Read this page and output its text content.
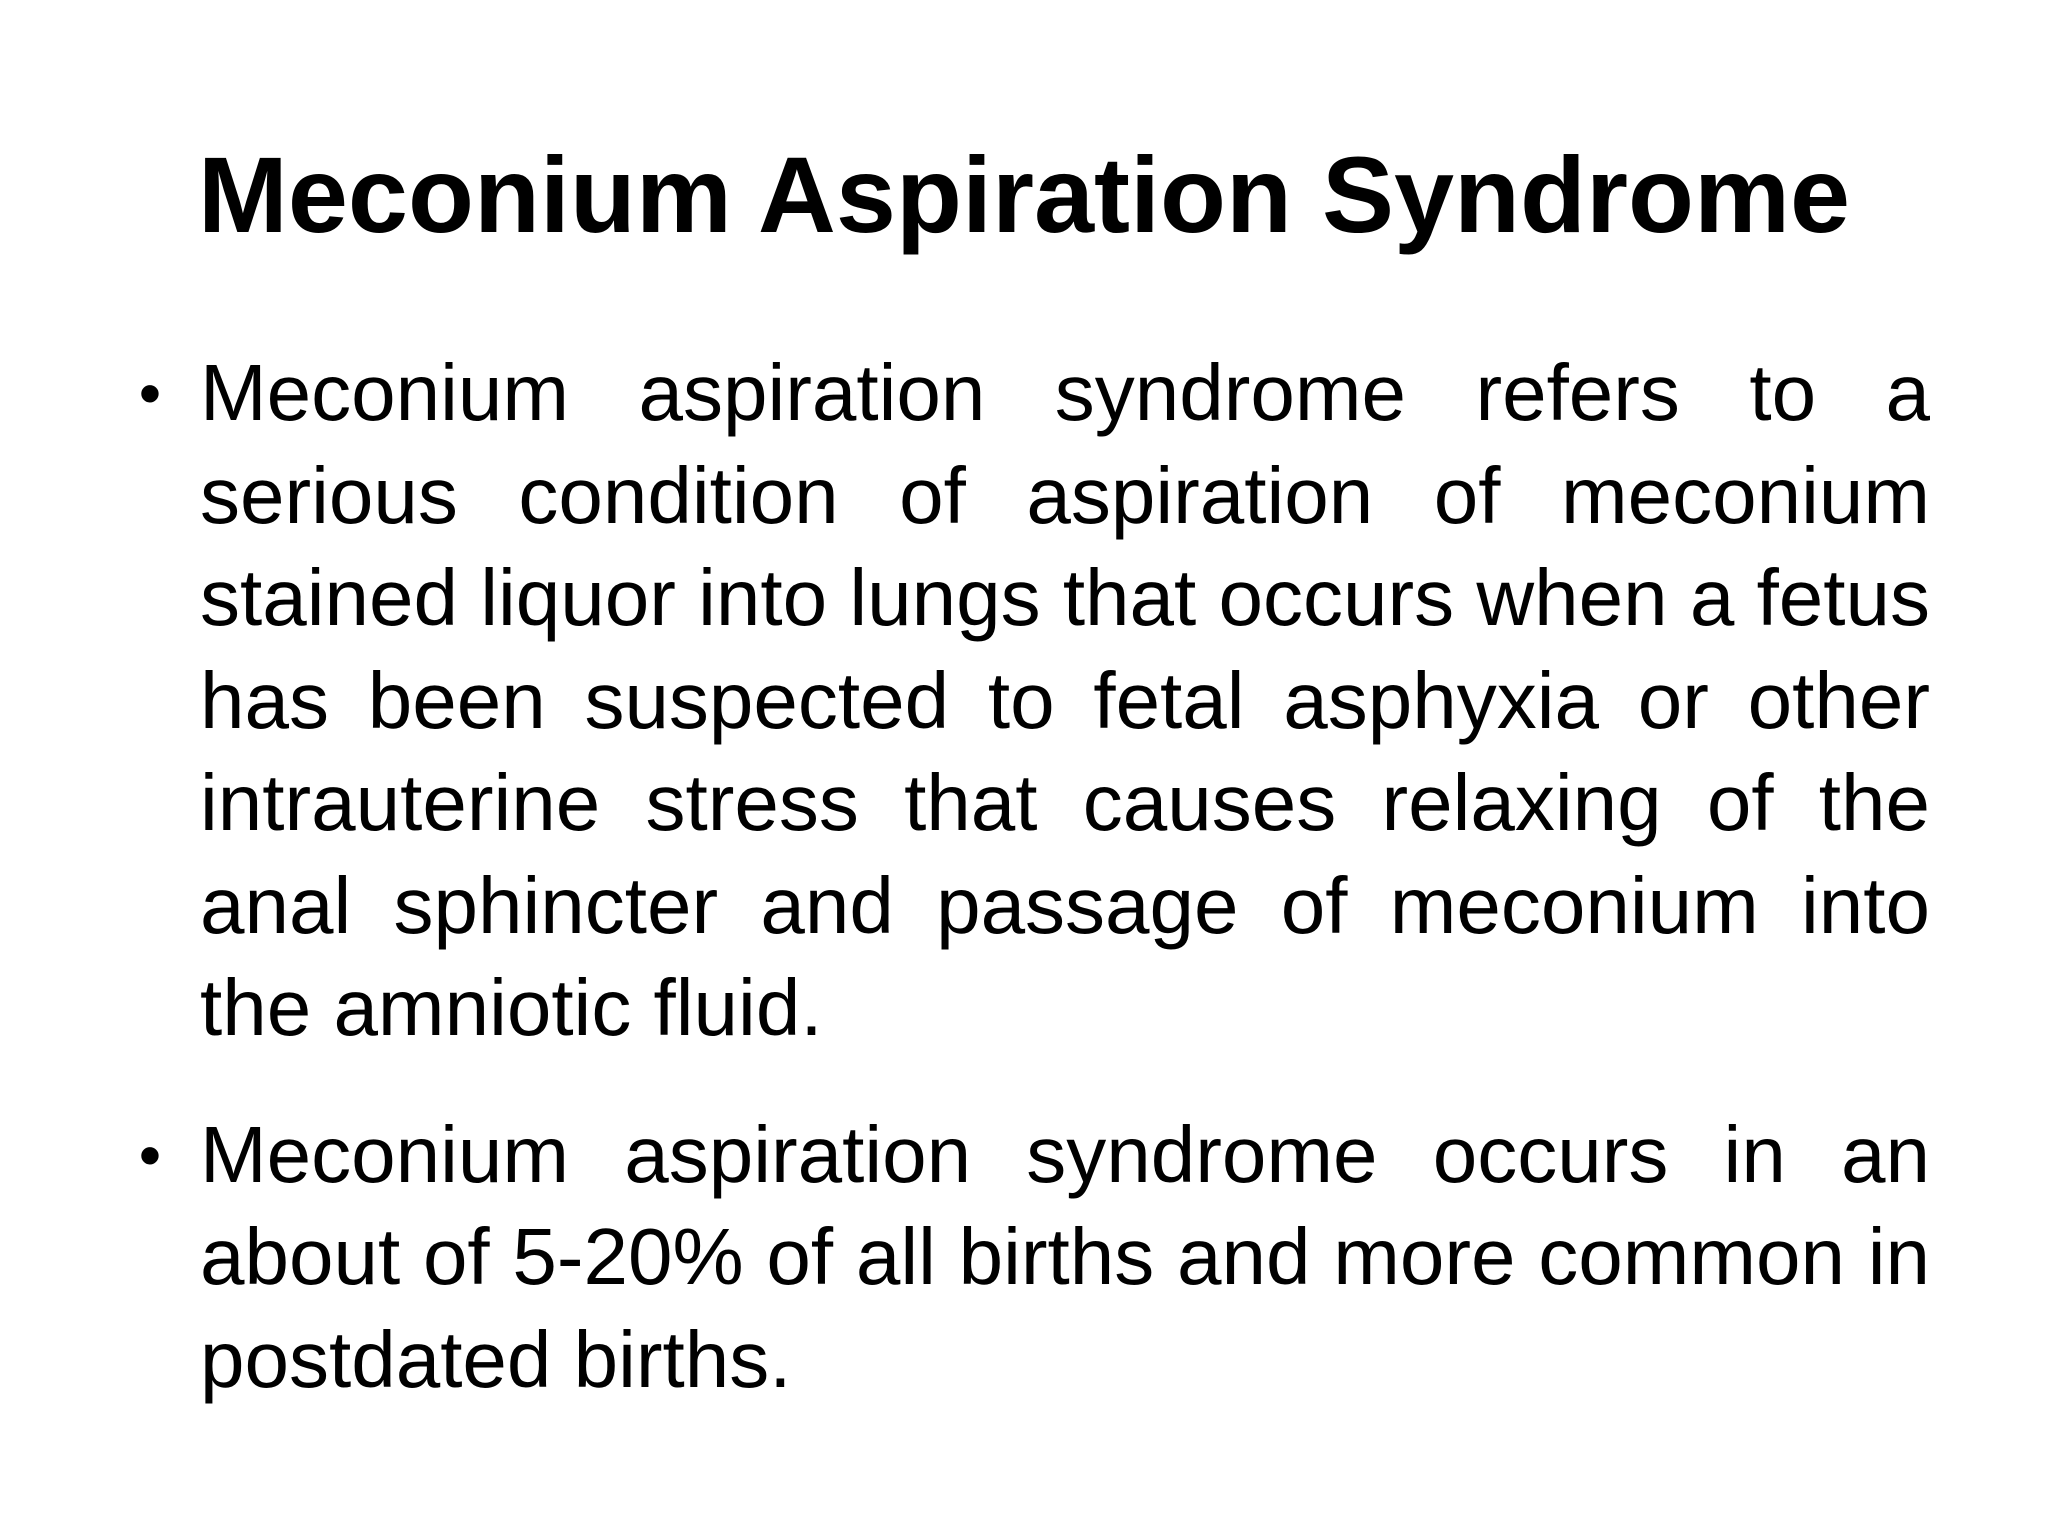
Meconium Aspiration Syndrome
• Meconium aspiration syndrome refers to a serious condition of aspiration of meconium stained liquor into lungs that occurs when a fetus has been suspected to fetal asphyxia or other intrauterine stress that causes relaxing of the anal sphincter and passage of meconium into the amniotic fluid.
• Meconium aspiration syndrome occurs in an about of 5-20% of all births and more common in postdated births.
